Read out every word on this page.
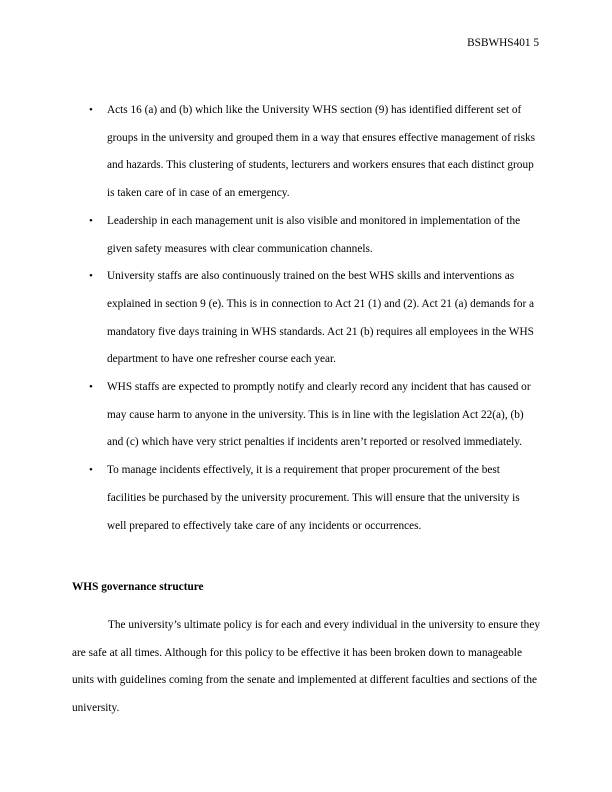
BSBWHS401 5
• Acts 16 (a) and (b) which like the University WHS section (9) has identified different set of groups in the university and grouped them in a way that ensures effective management of risks and hazards. This clustering of students, lecturers and workers ensures that each distinct group is taken care of in case of an emergency.
• Leadership in each management unit is also visible and monitored in implementation of the given safety measures with clear communication channels.
• University staffs are also continuously trained on the best WHS skills and interventions as explained in section 9 (e). This is in connection to Act 21 (1) and (2). Act 21 (a) demands for a mandatory five days training in WHS standards. Act 21 (b) requires all employees in the WHS department to have one refresher course each year.
• WHS staffs are expected to promptly notify and clearly record any incident that has caused or may cause harm to anyone in the university. This is in line with the legislation Act 22(a), (b) and (c) which have very strict penalties if incidents aren’t reported or resolved immediately.
• To manage incidents effectively, it is a requirement that proper procurement of the best facilities be purchased by the university procurement. This will ensure that the university is well prepared to effectively take care of any incidents or occurrences.
WHS governance structure

The university’s ultimate policy is for each and every individual in the university to ensure they are safe at all times. Although for this policy to be effective it has been broken down to manageable units with guidelines coming from the senate and implemented at different faculties and sections of the university.
